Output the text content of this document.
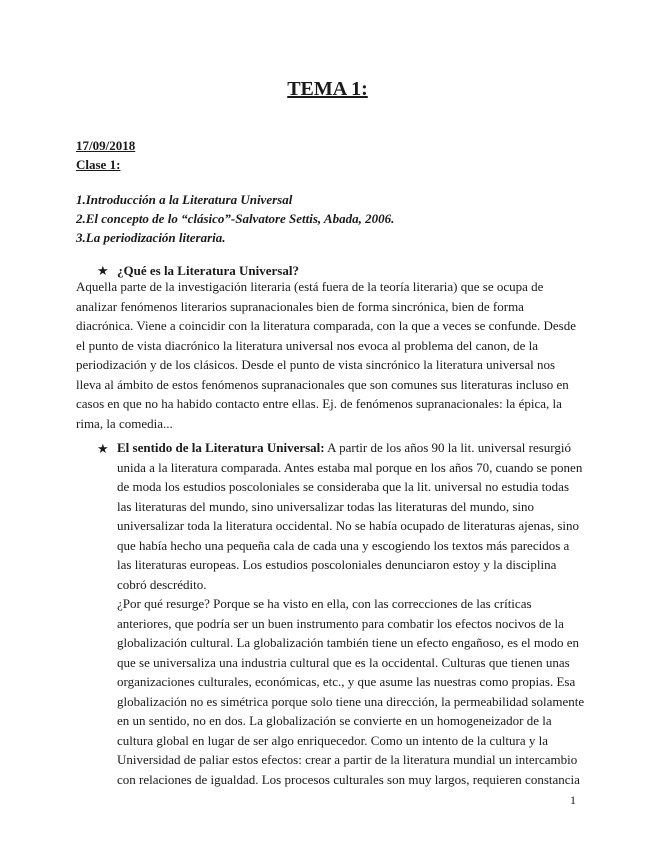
TEMA 1:
17/09/2018
Clase 1:
1.Introducción a la Literatura Universal
2.El concepto de lo “clásico”-Salvatore Settis, Abada, 2006.
3.La periodización literaria.
★ ¿Qué es la Literatura Universal?
Aquella parte de la investigación literaria (está fuera de la teoría literaria) que se ocupa de
analizar fenómenos literarios supranacionales bien de forma sincrónica, bien de forma
diacrónica. Viene a coincidir con la literatura comparada, con la que a veces se confunde. Desde
el punto de vista diacrónico la literatura universal nos evoca al problema del canon, de la
periodización y de los clásicos. Desde el punto de vista sincrónico la literatura universal nos
lleva al ámbito de estos fenómenos supranacionales que son comunes sus literaturas incluso en
casos en que no ha habido contacto entre ellas. Ej. de fenómenos supranacionales: la épica, la
rima, la comedia...
★ El sentido de la Literatura Universal: A partir de los años 90 la lit. universal resurgió
unida a la literatura comparada. Antes estaba mal porque en los años 70, cuando se ponen
de moda los estudios poscoloniales se consideraba que la lit. universal no estudia todas
las literaturas del mundo, sino universalizar todas las literaturas del mundo, sino
universalizar toda la literatura occidental. No se había ocupado de literaturas ajenas, sino
que había hecho una pequeña cala de cada una y escogiendo los textos más parecidos a
las literaturas europeas. Los estudios poscoloniales denunciaron estoy y la disciplina
cobró descrédito.
¿Por qué resurge? Porque se ha visto en ella, con las correcciones de las críticas
anteriores, que podría ser un buen instrumento para combatir los efectos nocivos de la
globalización cultural. La globalización también tiene un efecto engañoso, es el modo en
que se universaliza una industria cultural que es la occidental. Culturas que tienen unas
organizaciones culturales, económicas, etc., y que asume las nuestras como propias. Esa
globalización no es simétrica porque solo tiene una dirección, la permeabilidad solamente
en un sentido, no en dos. La globalización se convierte en un homogeneizador de la
cultura global en lugar de ser algo enriquecedor. Como un intento de la cultura y la
Universidad de paliar estos efectos: crear a partir de la literatura mundial un intercambio
con relaciones de igualdad. Los procesos culturales son muy largos, requieren constancia
1
